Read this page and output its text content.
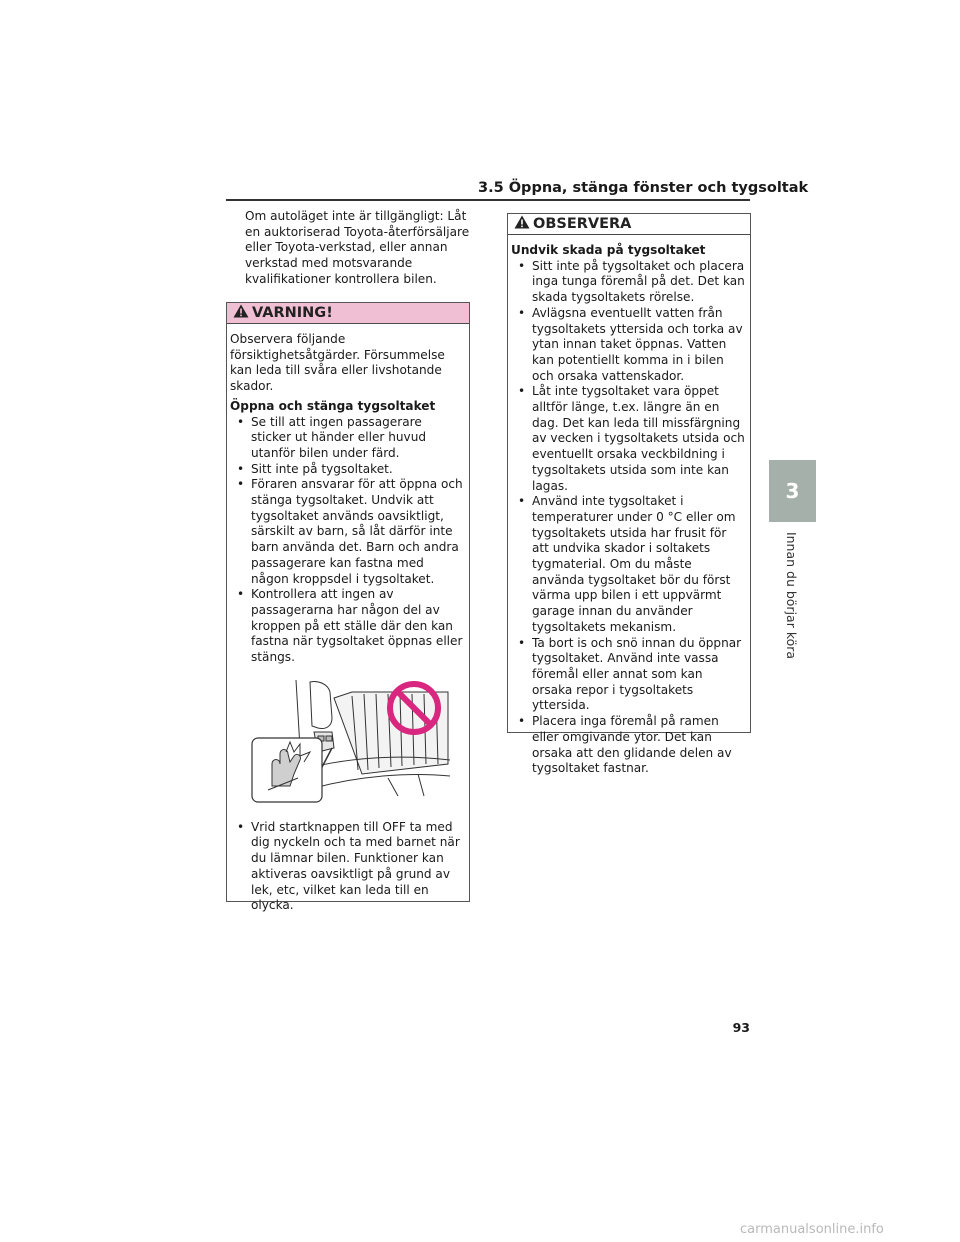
3.5 Öppna, stänga fönster och tygsoltak
3
Innan du börjar köra
Om autoläget inte är tillgängligt: Låt en auktoriserad Toyota-återförsäljare eller Toyota-verkstad, eller annan verkstad med motsvarande kvalifikationer kontrollera bilen.
VARNING!

Observera följande försiktighetsåtgärder. Försummelse kan leda till svåra eller livshotande skador.

Öppna och stänga tygsoltaket
• Se till att ingen passagerare sticker ut händer eller huvud utanför bilen under färd.
• Sitt inte på tygsoltaket.
• Föraren ansvarar för att öppna och stänga tygsoltaket. Undvik att tygsoltaket används oavsiktligt, särskilt av barn, så låt därför inte barn använda det. Barn och andra passagerare kan fastna med någon kroppsdel i tygsoltaket.
• Kontrollera att ingen av passagerarna har någon del av kroppen på ett ställe där den kan fastna när tygsoltaket öppnas eller stängs.
• Vrid startknappen till OFF ta med dig nyckeln och ta med barnet när du lämnar bilen. Funktioner kan aktiveras oavsiktligt på grund av lek, etc, vilket kan leda till en olycka.
OBSERVERA
Undvik skada på tygsoltaket
• Sitt inte på tygsoltaket och placera inga tunga föremål på det. Det kan skada tygsoltakets rörelse.
• Avlägsna eventuellt vatten från tygsoltakets yttersida och torka av ytan innan taket öppnas. Vatten kan potentiellt komma in i bilen och orsaka vattenskador.
• Låt inte tygsoltaket vara öppet alltför länge, t.ex. längre än en dag. Det kan leda till missfärgning av vecken i tygsoltakets utsida och eventuellt orsaka veckbildning i tygsoltakets utsida som inte kan lagas.
• Använd inte tygsoltaket i temperaturer under 0 °C eller om tygsoltakets utsida har frusit för att undvika skador i soltakets tygmaterial. Om du måste använda tygsoltaket bör du först värma upp bilen i ett uppvärmt garage innan du använder tygsoltakets mekanism.
• Ta bort is och snö innan du öppnar tygsoltaket. Använd inte vassa föremål eller annat som kan orsaka repor i tygsoltakets yttersida.
• Placera inga föremål på ramen eller omgivande ytor. Det kan orsaka att den glidande delen av tygsoltaket fastnar.
93
carmanualsonline.info
